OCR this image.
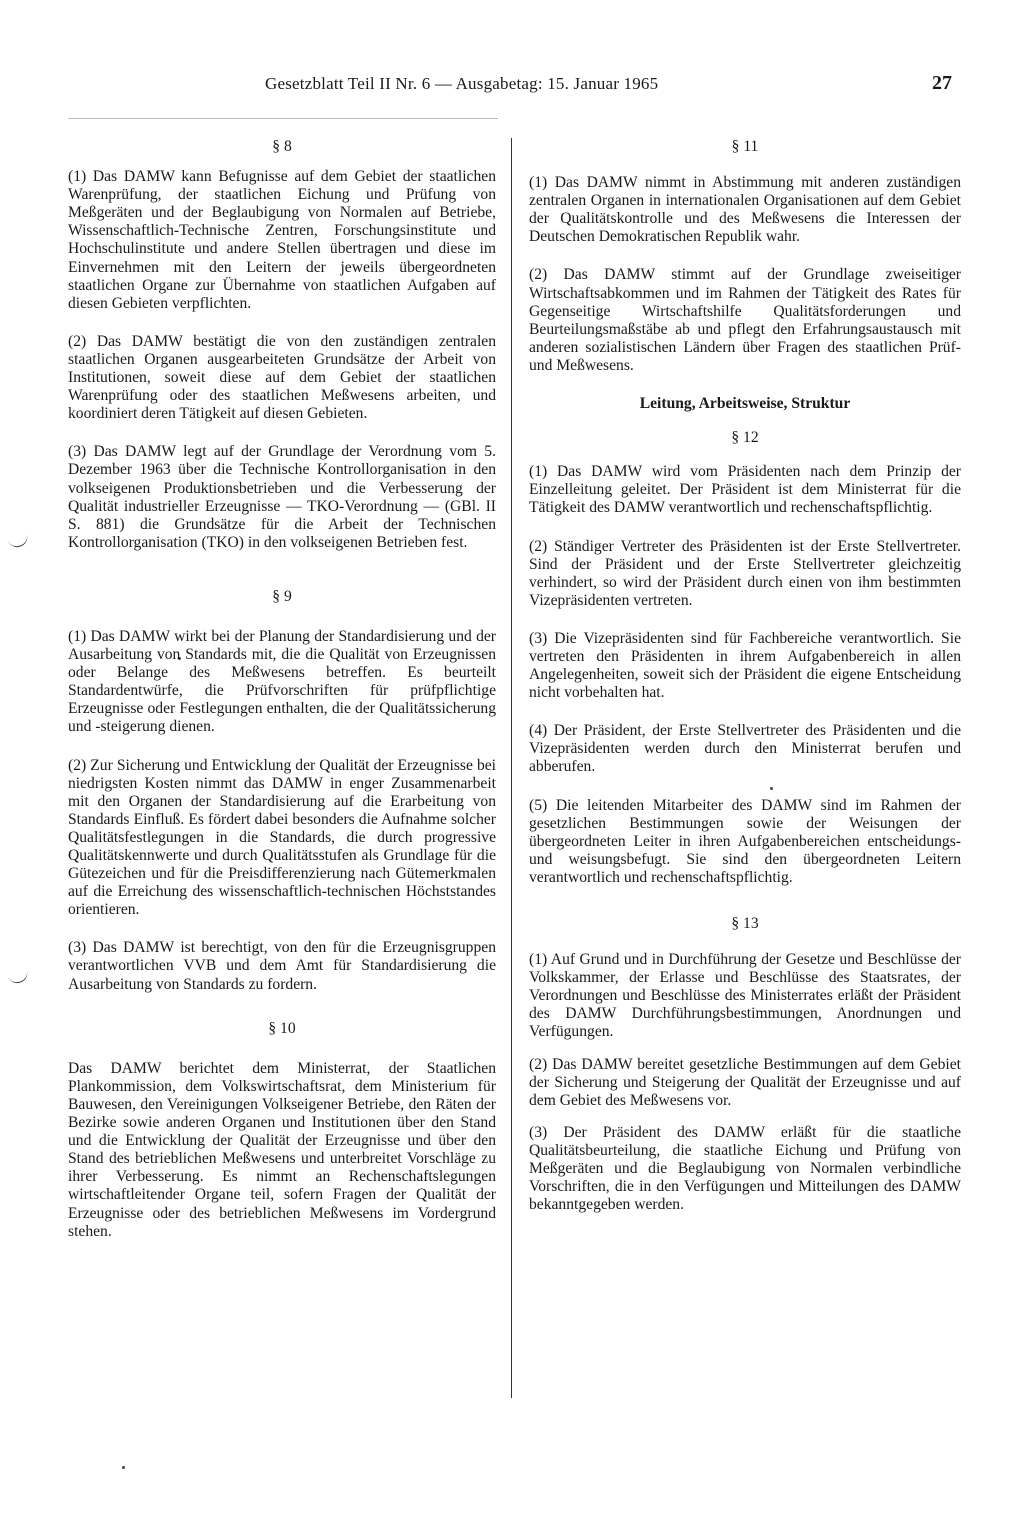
Gesetzblatt Teil II Nr. 6 — Ausgabetag: 15. Januar 1965	27
§ 8

(1) Das DAMW kann Befugnisse auf dem Gebiet der staatlichen Warenprüfung, der staatlichen Eichung und Prüfung von Meßgeräten und der Beglaubigung von Normalen auf Betriebe, Wissenschaftlich-Technische Zentren, Forschungsinstitute und Hochschulinstitute und andere Stellen übertragen und diese im Einvernehmen mit den Leitern der jeweils übergeordneten staatlichen Organe zur Übernahme von staatlichen Aufgaben auf diesen Gebieten verpflichten.

(2) Das DAMW bestätigt die von den zuständigen zentralen staatlichen Organen ausgearbeiteten Grundsätze der Arbeit von Institutionen, soweit diese auf dem Gebiet der staatlichen Warenprüfung oder des staatlichen Meßwesens arbeiten, und koordiniert deren Tätigkeit auf diesen Gebieten.

(3) Das DAMW legt auf der Grundlage der Verordnung vom 5. Dezember 1963 über die Technische Kontrollorganisation in den volkseigenen Produktionsbetrieben und die Verbesserung der Qualität industrieller Erzeugnisse — TKO-Verordnung — (GBl. II S. 881) die Grundsätze für die Arbeit der Technischen Kontrollorganisation (TKO) in den volkseigenen Betrieben fest.

§ 9

(1) Das DAMW wirkt bei der Planung der Standardisierung und der Ausarbeitung von Standards mit, die die Qualität von Erzeugnissen oder Belange des Meßwesens betreffen. Es beurteilt Standardentwürfe, die Prüfvorschriften für prüfpflichtige Erzeugnisse oder Festlegungen enthalten, die der Qualitätssicherung und -steigerung dienen.

(2) Zur Sicherung und Entwicklung der Qualität der Erzeugnisse bei niedrigsten Kosten nimmt das DAMW in enger Zusammenarbeit mit den Organen der Standardisierung auf die Erarbeitung von Standards Einfluß. Es fördert dabei besonders die Aufnahme solcher Qualitätsfestlegungen in die Standards, die durch progressive Qualitätskennwerte und durch Qualitätsstufen als Grundlage für die Gütezeichen und für die Preisdifferenzierung nach Gütemerkmalen auf die Erreichung des wissenschaftlich-technischen Höchststandes orientieren.

(3) Das DAMW ist berechtigt, von den für die Erzeugnisgruppen verantwortlichen VVB und dem Amt für Standardisierung die Ausarbeitung von Standards zu fordern.

§ 10

Das DAMW berichtet dem Ministerrat, der Staatlichen Plankommission, dem Volkswirtschaftsrat, dem Ministerium für Bauwesen, den Vereinigungen Volkseigener Betriebe, den Räten der Bezirke sowie anderen Organen und Institutionen über den Stand und die Entwicklung der Qualität der Erzeugnisse und über den Stand des betrieblichen Meßwesens und unterbreitet Vorschläge zu ihrer Verbesserung. Es nimmt an Rechenschaftslegungen wirtschaftleitender Organe teil, sofern Fragen der Qualität der Erzeugnisse oder des betrieblichen Meßwesens im Vordergrund stehen.

§ 11

(1) Das DAMW nimmt in Abstimmung mit anderen zuständigen zentralen Organen in internationalen Organisationen auf dem Gebiet der Qualitätskontrolle und des Meßwesens die Interessen der Deutschen Demokratischen Republik wahr.

(2) Das DAMW stimmt auf der Grundlage zweiseitiger Wirtschaftsabkommen und im Rahmen der Tätigkeit des Rates für Gegenseitige Wirtschaftshilfe Qualitätsforderungen und Beurteilungsmaßstäbe ab und pflegt den Erfahrungsaustausch mit anderen sozialistischen Ländern über Fragen des staatlichen Prüf- und Meßwesens.

Leitung, Arbeitsweise, Struktur
§ 12

(1) Das DAMW wird vom Präsidenten nach dem Prinzip der Einzelleitung geleitet. Der Präsident ist dem Ministerrat für die Tätigkeit des DAMW verantwortlich und rechenschaftspflichtig.

(2) Ständiger Vertreter des Präsidenten ist der Erste Stellvertreter. Sind der Präsident und der Erste Stellvertreter gleichzeitig verhindert, so wird der Präsident durch einen von ihm bestimmten Vizepräsidenten vertreten.

(3) Die Vizepräsidenten sind für Fachbereiche verantwortlich. Sie vertreten den Präsidenten in ihrem Aufgabenbereich in allen Angelegenheiten, soweit sich der Präsident die eigene Entscheidung nicht vorbehalten hat.

(4) Der Präsident, der Erste Stellvertreter des Präsidenten und die Vizepräsidenten werden durch den Ministerrat berufen und abberufen.

(5) Die leitenden Mitarbeiter des DAMW sind im Rahmen der gesetzlichen Bestimmungen sowie der Weisungen der übergeordneten Leiter in ihren Aufgabenbereichen entscheidungs- und weisungsbefugt. Sie sind den übergeordneten Leitern verantwortlich und rechenschaftspflichtig.

§ 13

(1) Auf Grund und in Durchführung der Gesetze und Beschlüsse der Volkskammer, der Erlasse und Beschlüsse des Staatsrates, der Verordnungen und Beschlüsse des Ministerrates erläßt der Präsident des DAMW Durchführungsbestimmungen, Anordnungen und Verfügungen.

(2) Das DAMW bereitet gesetzliche Bestimmungen auf dem Gebiet der Sicherung und Steigerung der Qualität der Erzeugnisse und auf dem Gebiet des Meßwesens vor.

(3) Der Präsident des DAMW erläßt für die staatliche Qualitätsbeurteilung, die staatliche Eichung und Prüfung von Meßgeräten und die Beglaubigung von Normalen verbindliche Vorschriften, die in den Verfügungen und Mitteilungen des DAMW bekanntgegeben werden.
